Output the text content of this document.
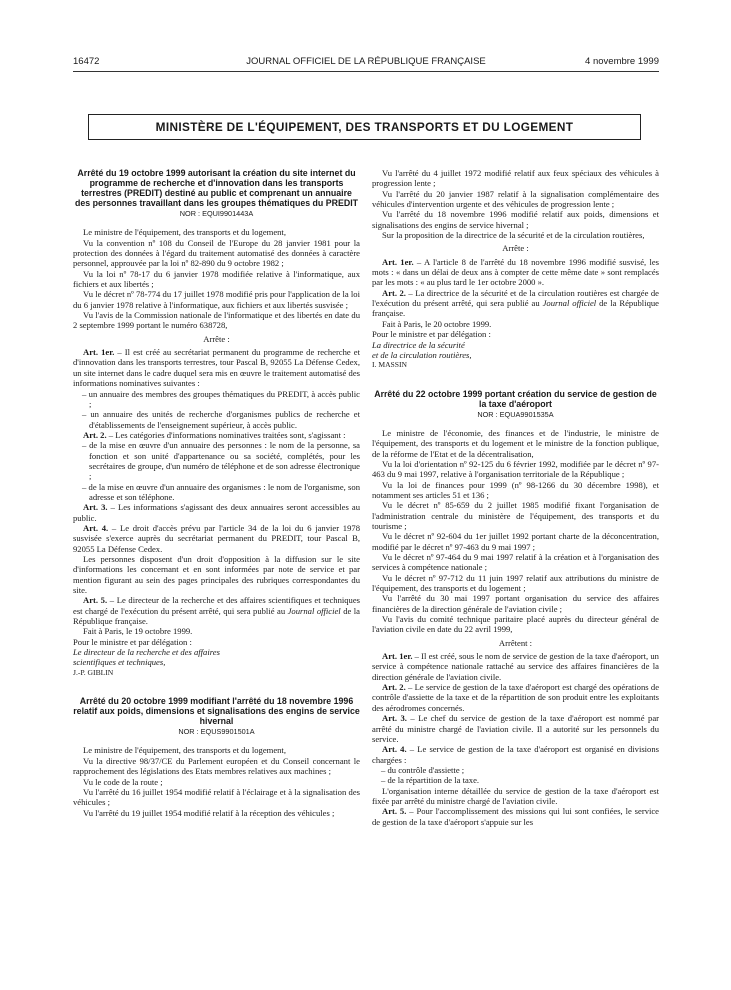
16472	JOURNAL OFFICIEL DE LA RÉPUBLIQUE FRANÇAISE	4 novembre 1999
MINISTÈRE DE L'ÉQUIPEMENT, DES TRANSPORTS ET DU LOGEMENT
Arrêté du 19 octobre 1999 autorisant la création du site internet du programme de recherche et d'innovation dans les transports terrestres (PREDIT) destiné au public et comprenant un annuaire des personnes travaillant dans les groupes thématiques du PREDIT
NOR : EQUI9901443A

Le ministre de l'équipement, des transports et du logement,

Vu la convention nº 108 du Conseil de l'Europe du 28 janvier 1981 pour la protection des données à l'égard du traitement automatisé des données à caractère personnel, approuvée par la loi nº 82-890 du 9 octobre 1982 ;

Vu la loi nº 78-17 du 6 janvier 1978 modifiée relative à l'informatique, aux fichiers et aux libertés ;

Vu le décret nº 78-774 du 17 juillet 1978 modifié pris pour l'application de la loi du 6 janvier 1978 relative à l'informatique, aux fichiers et aux libertés susvisée ;

Vu l'avis de la Commission nationale de l'informatique et des libertés en date du 2 septembre 1999 portant le numéro 638728,

Arrête :

Art. 1er. – Il est créé au secrétariat permanent du programme de recherche et d'innovation dans les transports terrestres, tour Pascal B, 92055 La Défense Cedex, un site internet dans le cadre duquel sera mis en œuvre le traitement automatisé des informations nominatives suivantes :

– un annuaire des membres des groupes thématiques du PREDIT, à accès public ;

– un annuaire des unités de recherche d'organismes publics de recherche et d'établissements de l'enseignement supérieur, à accès public.

Art. 2. – Les catégories d'informations nominatives traitées sont, s'agissant :

– de la mise en œuvre d'un annuaire des personnes : le nom de la personne, sa fonction et son unité d'appartenance ou sa société, complétés, pour les secrétaires de groupe, d'un numéro de téléphone et de son adresse électronique ;

– de la mise en œuvre d'un annuaire des organismes : le nom de l'organisme, son adresse et son téléphone.

Art. 3. – Les informations s'agissant des deux annuaires seront accessibles au public.

Art. 4. – Le droit d'accès prévu par l'article 34 de la loi du 6 janvier 1978 susvisée s'exerce auprès du secrétariat permanent du PREDIT, tour Pascal B, 92055 La Défense Cedex.

Les personnes disposent d'un droit d'opposition à la diffusion sur le site d'informations les concernant et en sont informées par note de service et par mention figurant au sein des pages principales des rubriques correspondantes du site.

Art. 5. – Le directeur de la recherche et des affaires scientifiques et techniques est chargé de l'exécution du présent arrêté, qui sera publié au Journal officiel de la République française.

Fait à Paris, le 19 octobre 1999.

Pour le ministre et par délégation :

Le directeur de la recherche et des affaires

scientifiques et techniques,

J.-P. GIBLIN

Arrêté du 20 octobre 1999 modifiant l'arrêté du 18 novembre 1996 relatif aux poids, dimensions et signalisations des engins de service hivernal
NOR : EQUS9901501A

Le ministre de l'équipement, des transports et du logement,

Vu la directive 98/37/CE du Parlement européen et du Conseil concernant le rapprochement des législations des Etats membres relatives aux machines ;

Vu le code de la route ;

Vu l'arrêté du 16 juillet 1954 modifié relatif à l'éclairage et à la signalisation des véhicules ;

Vu l'arrêté du 19 juillet 1954 modifié relatif à la réception des véhicules ;

Vu l'arrêté du 4 juillet 1972 modifié relatif aux feux spéciaux des véhicules à progression lente ;

Vu l'arrêté du 20 janvier 1987 relatif à la signalisation complémentaire des véhicules d'intervention urgente et des véhicules de progression lente ;

Vu l'arrêté du 18 novembre 1996 modifié relatif aux poids, dimensions et signalisations des engins de service hivernal ;

Sur la proposition de la directrice de la sécurité et de la circulation routières,

Arrête :

Art. 1er. – A l'article 8 de l'arrêté du 18 novembre 1996 modifié susvisé, les mots : « dans un délai de deux ans à compter de cette même date » sont remplacés par les mots : « au plus tard le 1er octobre 2000 ».

Art. 2. – La directrice de la sécurité et de la circulation routières est chargée de l'exécution du présent arrêté, qui sera publié au Journal officiel de la République française.

Fait à Paris, le 20 octobre 1999.

Pour le ministre et par délégation :

La directrice de la sécurité

et de la circulation routières,

I. MASSIN

Arrêté du 22 octobre 1999 portant création du service de gestion de la taxe d'aéroport
NOR : EQUA9901535A

Le ministre de l'économie, des finances et de l'industrie, le ministre de l'équipement, des transports et du logement et le ministre de la fonction publique, de la réforme de l'Etat et de la décentralisation,

Vu la loi d'orientation nº 92-125 du 6 février 1992, modifiée par le décret nº 97-463 du 9 mai 1997, relative à l'organisation territoriale de la République ;

Vu la loi de finances pour 1999 (nº 98-1266 du 30 décembre 1998), et notamment ses articles 51 et 136 ;

Vu le décret nº 85-659 du 2 juillet 1985 modifié fixant l'organisation de l'administration centrale du ministère de l'équipement, des transports et du tourisme ;

Vu le décret nº 92-604 du 1er juillet 1992 portant charte de la déconcentration, modifié par le décret nº 97-463 du 9 mai 1997 ;

Vu le décret nº 97-464 du 9 mai 1997 relatif à la création et à l'organisation des services à compétence nationale ;

Vu le décret nº 97-712 du 11 juin 1997 relatif aux attributions du ministre de l'équipement, des transports et du logement ;

Vu l'arrêté du 30 mai 1997 portant organisation du service des affaires financières de la direction générale de l'aviation civile ;

Vu l'avis du comité technique paritaire placé auprès du directeur général de l'aviation civile en date du 22 avril 1999,

Arrêtent :

Art. 1er. – Il est créé, sous le nom de service de gestion de la taxe d'aéroport, un service à compétence nationale rattaché au service des affaires financières de la direction générale de l'aviation civile.

Art. 2. – Le service de gestion de la taxe d'aéroport est chargé des opérations de contrôle d'assiette de la taxe et de la répartition de son produit entre les exploitants des aérodromes concernés.

Art. 3. – Le chef du service de gestion de la taxe d'aéroport est nommé par arrêté du ministre chargé de l'aviation civile. Il a autorité sur les personnels du service.

Art. 4. – Le service de gestion de la taxe d'aéroport est organisé en divisions chargées :

– du contrôle d'assiette ;

– de la répartition de la taxe.

L'organisation interne détaillée du service de gestion de la taxe d'aéroport est fixée par arrêté du ministre chargé de l'aviation civile.

Art. 5. – Pour l'accomplissement des missions qui lui sont confiées, le service de gestion de la taxe d'aéroport s'appuie sur les
